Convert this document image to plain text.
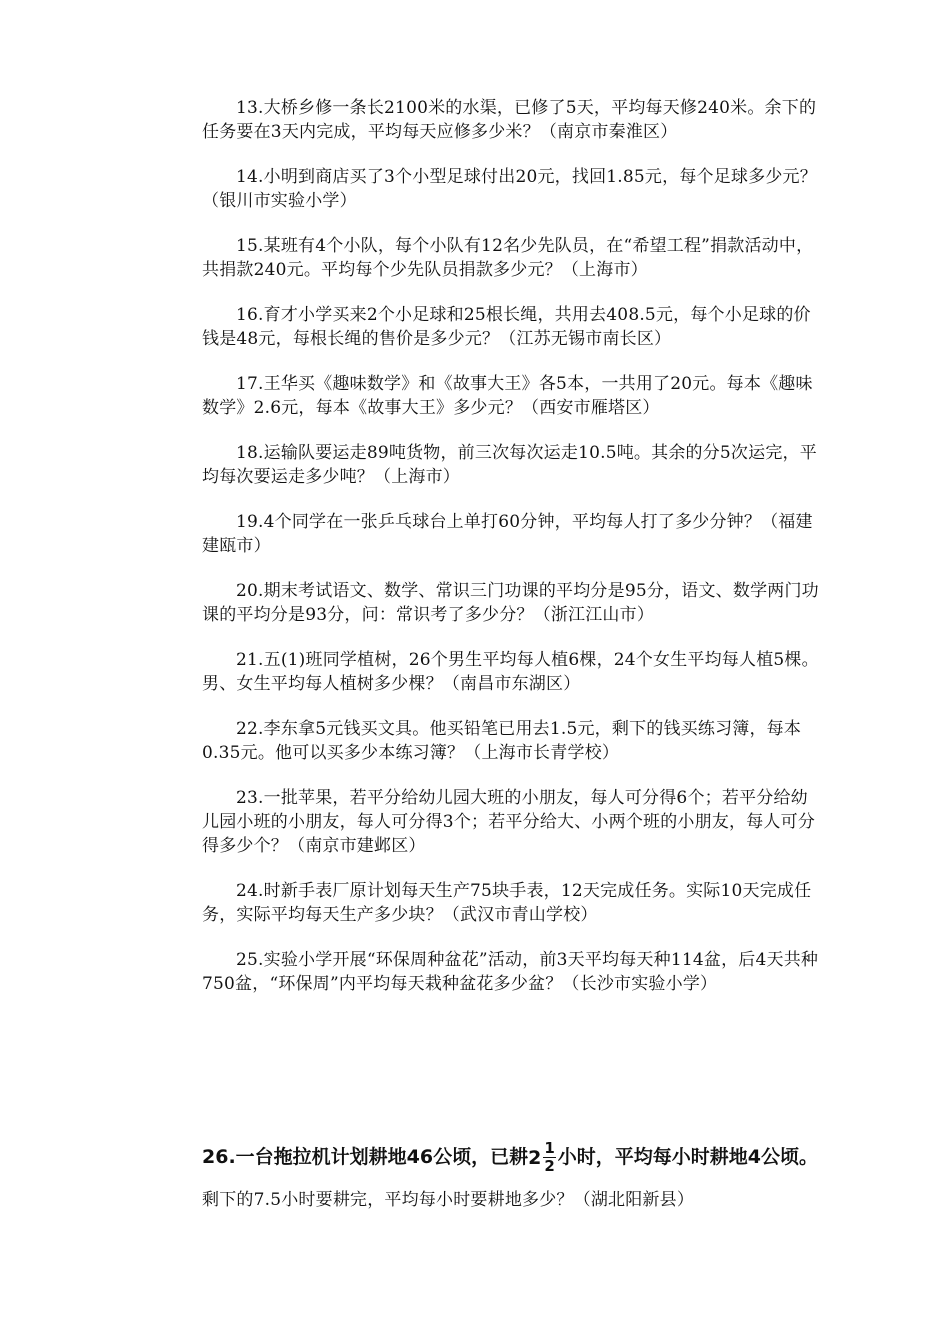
13.大桥乡修一条长2100米的水渠，已修了5天，平均每天修240米。余下的任务要在3天内完成，平均每天应修多少米？（南京市秦淮区）

14.小明到商店买了3个小型足球付出20元，找回1.85元，每个足球多少元？（银川市实验小学）

15.某班有4个小队，每个小队有12名少先队员，在“希望工程”捐款活动中，共捐款240元。平均每个少先队员捐款多少元？（上海市）

16.育才小学买来2个小足球和25根长绳，共用去408.5元，每个小足球的价钱是48元，每根长绳的售价是多少元？（江苏无锡市南长区）

17.王华买《趣味数学》和《故事大王》各5本，一共用了20元。每本《趣味数学》2.6元，每本《故事大王》多少元？（西安市雁塔区）

18.运输队要运走89吨货物，前三次每次运走10.5吨。其余的分5次运完，平均每次要运走多少吨？（上海市）

19.4个同学在一张乒乓球台上单打60分钟，平均每人打了多少分钟？（福建建瓯市）

20.期末考试语文、数学、常识三门功课的平均分是95分，语文、数学两门功课的平均分是93分，问：常识考了多少分？（浙江江山市）

21.五(1)班同学植树，26个男生平均每人植6棵，24个女生平均每人植5棵。男、女生平均每人植树多少棵？（南昌市东湖区）

22.李东拿5元钱买文具。他买铅笔已用去1.5元，剩下的钱买练习簿，每本0.35元。他可以买多少本练习簿？（上海市长青学校）

23.一批苹果，若平分给幼儿园大班的小朋友，每人可分得6个；若平分给幼儿园小班的小朋友，每人可分得3个；若平分给大、小两个班的小朋友，每人可分得多少个？（南京市建邺区）

24.时新手表厂原计划每天生产75块手表，12天完成任务。实际10天完成任务，实际平均每天生产多少块？（武汉市青山学校）

25.实验小学开展“环保周种盆花”活动，前3天平均每天种114盆，后4天共种750盆，“环保周”内平均每天栽种盆花多少盆？（长沙市实验小学）

26.一台拖拉机计划耕地46公顷，已耕$2 \frac{1}{2}$ 小时，平均每小时耕地4公顷。
剩下的7.5小时要耕完，平均每小时要耕地多少？（湖北阳新县）
